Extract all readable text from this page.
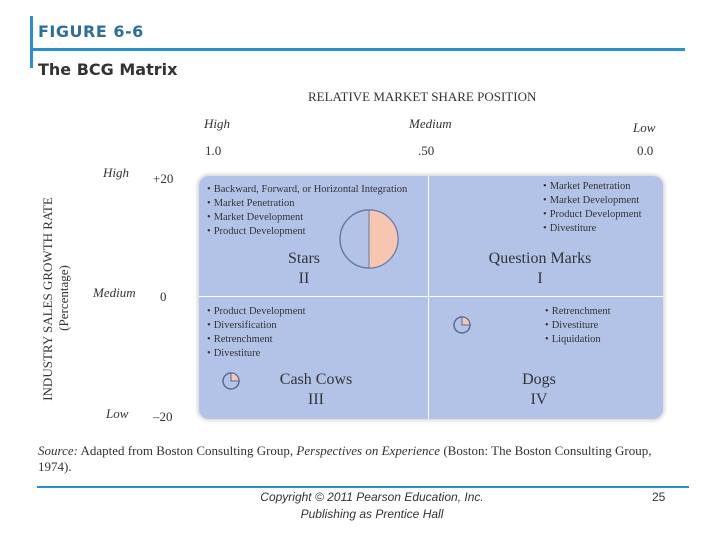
FIGURE 6-6
The BCG Matrix
RELATIVE MARKET SHARE POSITION
High	Medium	Low
1.0	.50	0.0
INDUSTRY SALES GROWTH RATE (Percentage)
High
Medium
Low
+20
0
–20
• Backward, Forward, or Horizontal Integration
• Market Penetration
• Market Development
• Product Development
Stars
II
• Market Penetration
• Market Development
• Product Development
• Divestiture
Question Marks
I
• Product Development
• Diversification
• Retrenchment
• Divestiture
Cash Cows
III
• Retrenchment
• Divestiture
• Liquidation
Dogs
IV
Source: Adapted from Boston Consulting Group, Perspectives on Experience (Boston: The Boston Consulting Group, 1974).
Copyright © 2011 Pearson Education, Inc.
Publishing as Prentice Hall
25
